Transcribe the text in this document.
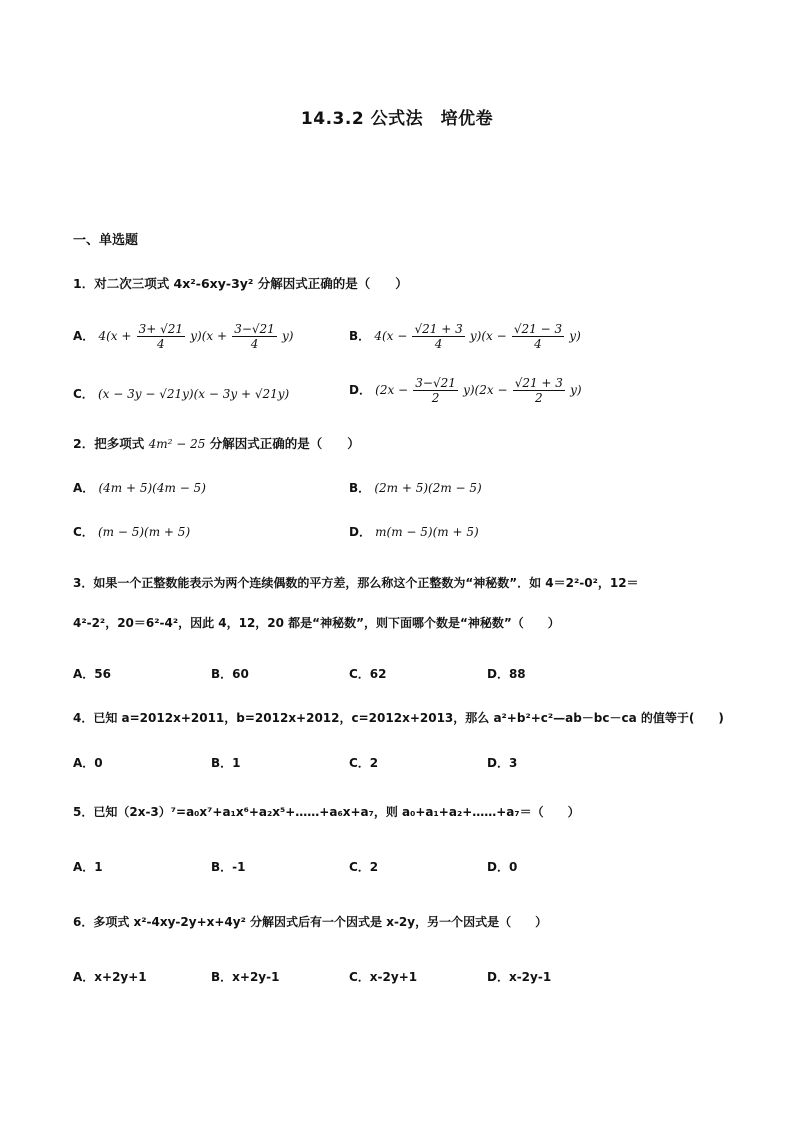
14.3.2 公式法　培优卷
一、单选题
1．对二次三项式 4x²-6xy-3y² 分解因式正确的是（　　）
A． $4(x + \frac{3+ √21}{4} y)(x + \frac{3-√21}{4} y)$	B． $4(x - \frac{√21 + 3}{4} y)(x - \frac{√21 - 3}{4} y)$
C． (x − 3y − √21y)(x − 3y + √21y)	D． $(2x - \frac{3-√21}{2} y)(2x - \frac{√21 + 3}{2} y)$
2．把多项式 4m² − 25 分解因式正确的是（　　）
A． (4m + 5)(4m − 5)	B． (2m + 5)(2m − 5)
C． (m − 5)(m + 5)	D． m(m − 5)(m + 5)
3．如果一个正整数能表示为两个连续偶数的平方差，那么称这个正整数为“神秘数”．如 4＝2²-0²，12＝
4²-2²，20＝6²-4²，因此 4，12，20 都是“神秘数”，则下面哪个数是“神秘数”（　　）
A．56	B．60	C．62	D．88
4．已知 a=2012x+2011，b=2012x+2012，c=2012x+2013，那么 a²+b²+c²—ab－bc－ca 的值等于(　　)
A．0	B．1	C．2	D．3
5．已知（2x-3）⁷=a₀x⁷+a₁x⁶+a₂x⁵+……+a₆x+a₇，则 a₀+a₁+a₂+……+a₇＝（　　）
A．1	B．-1	C．2	D．0
6．多项式 x²-4xy-2y+x+4y² 分解因式后有一个因式是 x-2y，另一个因式是（　　）
A．x+2y+1	B．x+2y-1	C．x-2y+1	D．x-2y-1
